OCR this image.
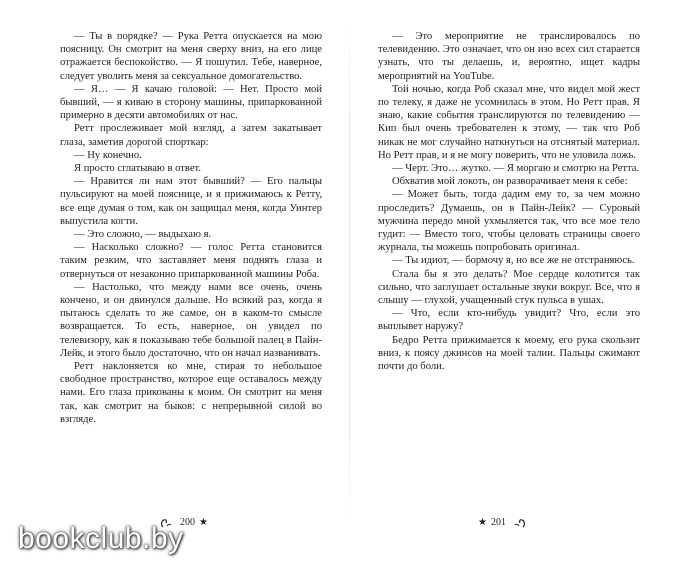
— Ты в порядке? — Рука Ретта опускается на мою поясницу. Он смотрит на меня сверху вниз, на его лице отражается беспокойство. — Я пошутил. Тебе, наверное, следует уволить меня за сексуальное домогательство.

— Я… — Я качаю головой: — Нет. Просто мой бывший, — я киваю в сторону машины, припаркованной примерно в десяти автомобилях от нас.

Ретт прослеживает мой взгляд, а затем закатывает глаза, заметив дорогой спорткар:

— Ну конечно.

Я просто сглатываю в ответ.

— Нравится ли нам этот бывший? — Его пальцы пульсируют на моей пояснице, и я прижимаюсь к Ретту, все еще думая о том, как он защищал меня, когда Уинтер выпустила когти.

— Это сложно, — выдыхаю я.

— Насколько сложно? — голос Ретта становится таким резким, что заставляет меня поднять глаза и отвернуться от незаконно припаркованной машины Роба.

— Настолько, что между нами все очень, очень кончено, и он двинулся дальше. Но всякий раз, когда я пытаюсь сделать то же самое, он в каком-то смысле возвращается. То есть, наверное, он увидел по телевизору, как я показываю тебе большой палец в Пайн-Лейк, и этого было достаточно, что он начал названивать.

Ретт наклоняется ко мне, стирая то небольшое свободное пространство, которое еще оставалось между нами. Его глаза прикованы к моим. Он смотрит на меня так, как смотрит на быков: с непрерывной силой во взгляде.

— Это мероприятие не транслировалось по телевидению. Это означает, что он изо всех сил старается узнать, что ты делаешь, и, вероятно, ищет кадры мероприятий на YouTube.

Той ночью, когда Роб сказал мне, что видел мой жест по телеку, я даже не усомнилась в этом. Но Ретт прав. Я знаю, какие события транслируются по телевидению — Кип был очень требователен к этому, — так что Роб никак не мог случайно наткнуться на отснятый материал. Но Ретт прав, и я не могу поверить, что не уловила ложь.

— Черт. Это… жутко. — Я моргаю и смотрю на Ретта.

Обхватив мой локоть, он разворачивает меня к себе:

— Может быть, тогда дадим ему то, за чем можно проследить? Думаешь, он в Пайн-Лейк? — Суровый мужчина передо мной ухмыляется так, что все мое тело гудит: — Вместо того, чтобы целовать страницы своего журнала, ты можешь попробовать оригинал.

— Ты идиот, — бормочу я, но все же не отстраняюсь.

Стала бы я это делать? Мое сердце колотится так сильно, что заглушает остальные звуки вокруг. Все, что я слышу — глухой, учащенный стук пульса в ушах.

— Что, если кто-нибудь увидит? Что, если это выплывет наружу?

Бедро Ретта прижимается к моему, его рука скользит вниз, к поясу джинсов на моей талии. Пальцы сжимают почти до боли.

200 ★	★ 201
bookclub.by
